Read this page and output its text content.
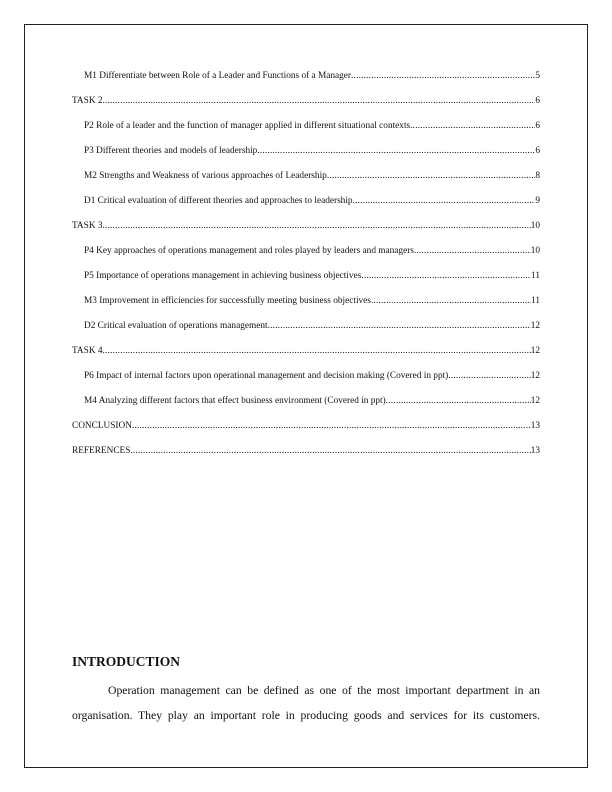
M1 Differentiate between Role of a Leader and Functions of a Manager .....	5
TASK 2 .....	6
P2 Role of a leader and the function of manager applied in different situational contexts .....	6
P3 Different theories and models of leadership .....	6
M2 Strengths and Weakness of various approaches of Leadership .....	8
D1 Critical evaluation of different theories and approaches to leadership .....	9
TASK 3 .....	10
P4 Key approaches of operations management and roles played by leaders and managers .....	10
P5 Importance of operations management in achieving business objectives .....	11
M3 Improvement in efficiencies for successfully meeting business objectives .....	11
D2 Critical evaluation of operations management .....	12
TASK 4 .....	12
P6 Impact of internal factors upon operational management and decision making (Covered in ppt) .....	12
M4 Analyzing different factors that effect business environment (Covered in ppt) .....	12
CONCLUSION .....	13
REFERENCES .....	13
INTRODUCTION

Operation management can be defined as one of the most important department in an organisation. They play an important role in producing goods and services for its customers.
